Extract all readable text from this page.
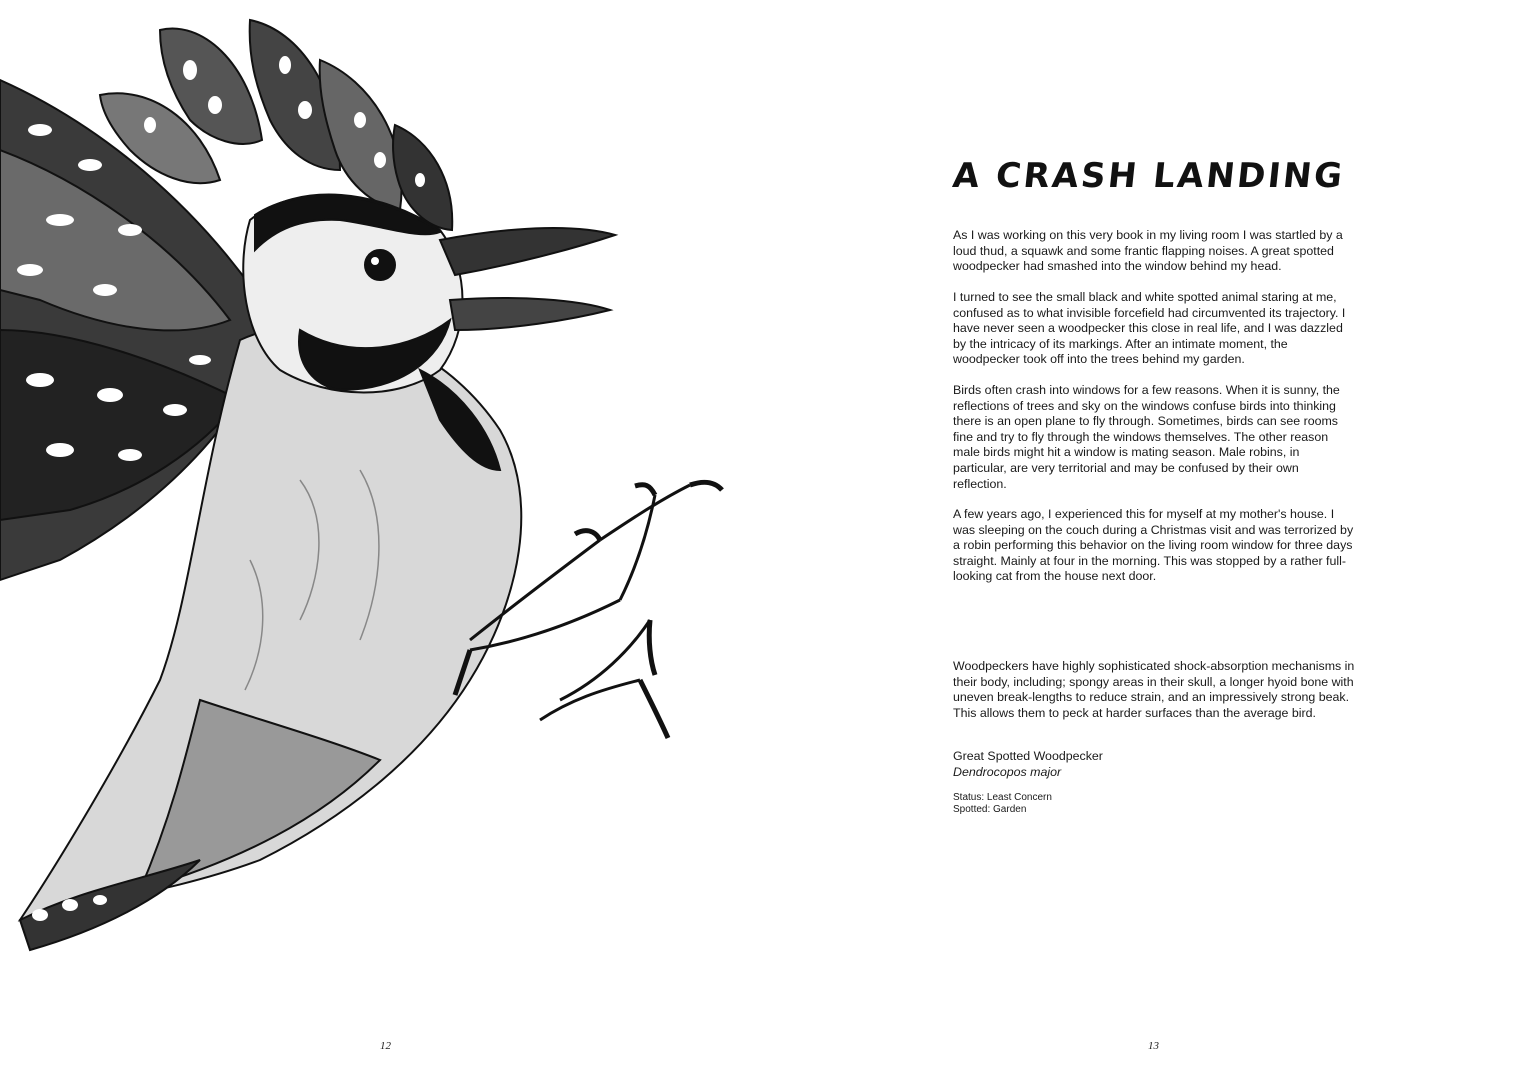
12
A CRASH LANDING

As I was working on this very book in my living room I was startled by a loud thud, a squawk and some frantic flapping noises. A great spotted woodpecker had smashed into the window behind my head.

I turned to see the small black and white spotted animal staring at me, confused as to what invisible forcefield had circumvented its trajectory. I have never seen a woodpecker this close in real life, and I was dazzled by the intricacy of its markings. After an intimate moment, the woodpecker took off into the trees behind my garden.

Birds often crash into windows for a few reasons. When it is sunny, the reflections of trees and sky on the windows confuse birds into thinking there is an open plane to fly through. Sometimes, birds can see rooms fine and try to fly through the windows themselves. The other reason male birds might hit a window is mating season. Male robins, in particular, are very territorial and may be confused by their own reflection.

A few years ago, I experienced this for myself at my mother's house. I was sleeping on the couch during a Christmas visit and was terrorized by a robin performing this behavior on the living room window for three days straight. Mainly at four in the morning. This was stopped by a rather full-looking cat from the house next door.

Woodpeckers have highly sophisticated shock-absorption mechanisms in their body, including; spongy areas in their skull, a longer hyoid bone with uneven break-lengths to reduce strain, and an impressively strong beak. This allows them to peck at harder surfaces than the average bird.

Great Spotted Woodpecker

Dendrocopos major

Status: Least Concern

Spotted: Garden

13
